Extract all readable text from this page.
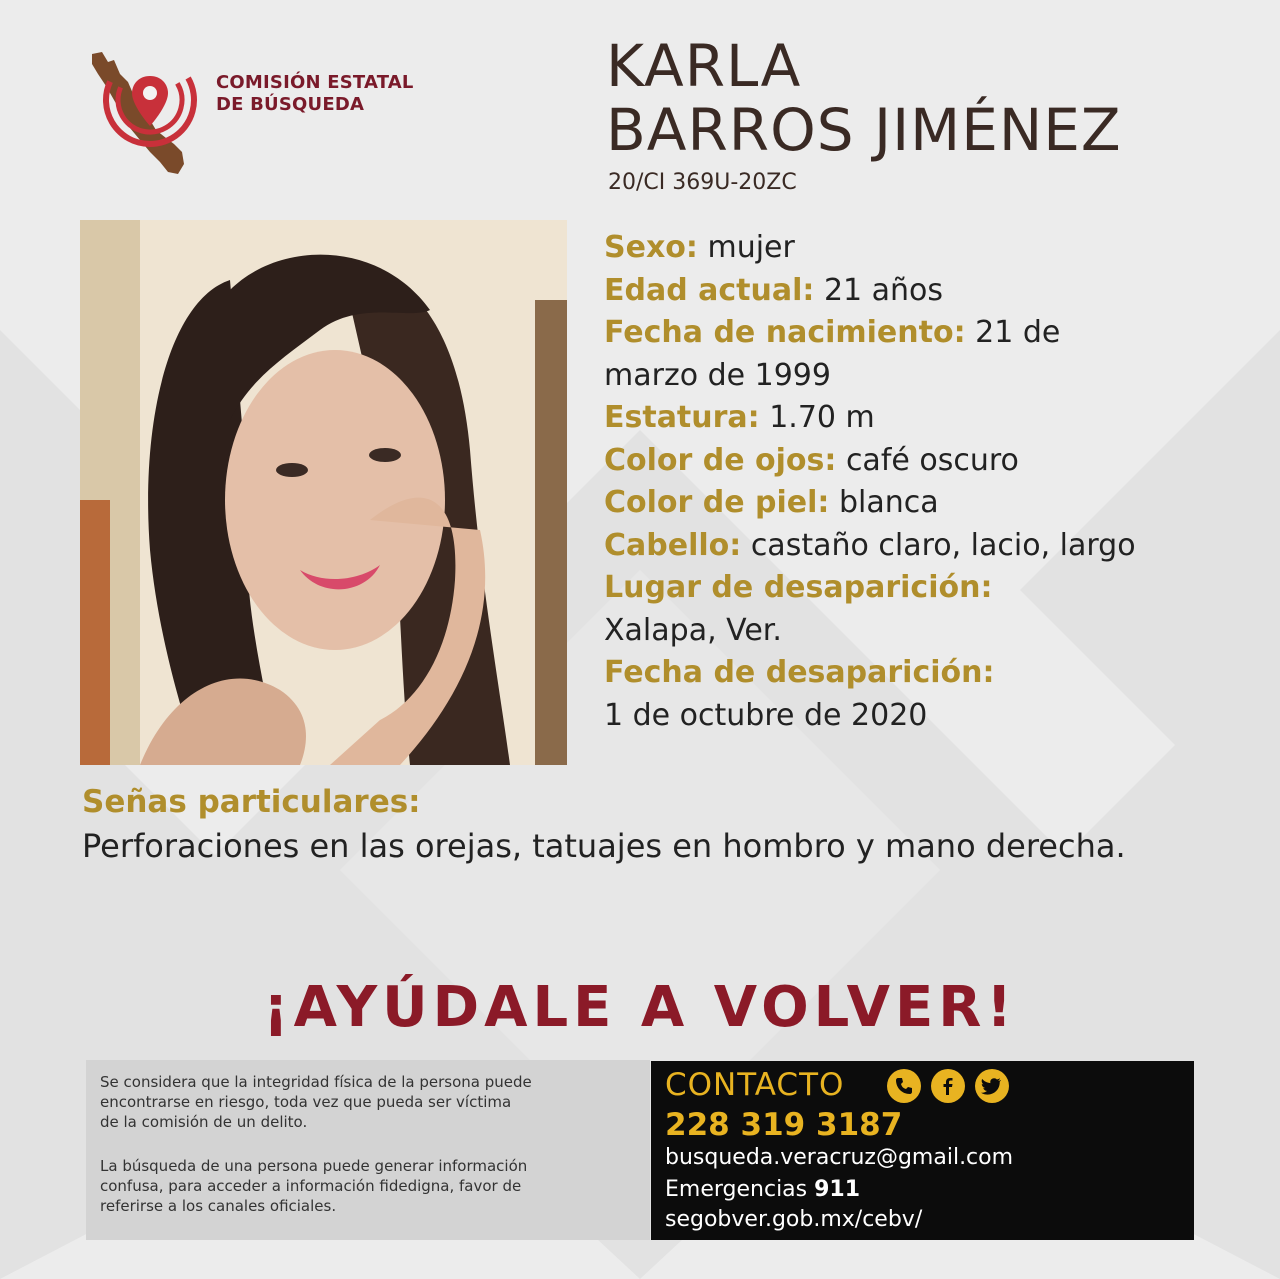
COMISIÓN ESTATAL
DE BÚSQUEDA
KARLA
BARROS JIMÉNEZ
20/CI 369U-20ZC
Sexo: mujer
Edad actual: 21 años
Fecha de nacimiento: 21 de
marzo de 1999
Estatura: 1.70 m
Color de ojos: café oscuro
Color de piel: blanca
Cabello: castaño claro, lacio, largo
Lugar de desaparición:
Xalapa, Ver.
Fecha de desaparición:
1 de octubre de 2020
Señas particulares:
Perforaciones en las orejas, tatuajes en hombro y mano derecha.
¡AYÚDALE A VOLVER!

Se considera que la integridad física de la persona puede
encontrarse en riesgo, toda vez que pueda ser víctima
de la comisión de un delito.

La búsqueda de una persona puede generar información
confusa, para acceder a información fidedigna, favor de
referirse a los canales oficiales.

CONTACTO
228 319 3187
busqueda.veracruz@gmail.com
Emergencias 911
segobver.gob.mx/cebv/
